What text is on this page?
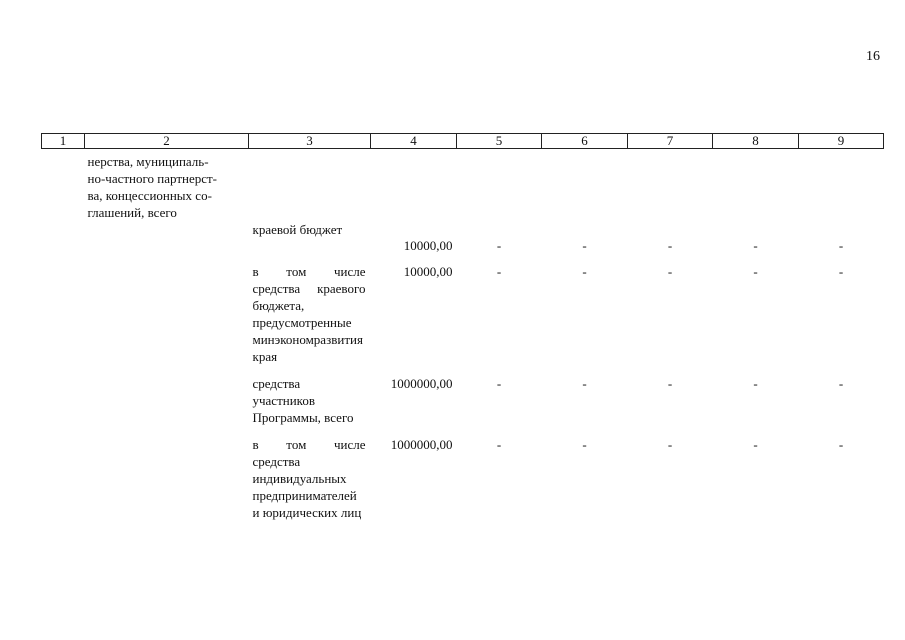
16
1	2	3	4	5	6	7	8	9

	нерства, муниципаль-
но-частного партнерст-
ва, концессионных со-
глашений, всего							

		краевой бюджет	10000,00	-	-	-	-	-
		в том числе средства краевого бюджета, предусмотренные минэкономразвития края	10000,00	-	-	-	-	-
		средства участников Программы, всего	1000000,00	-	-	-	-	-
		в том числе средства индивидуальных предпринимателей и юридических лиц	1000000,00	-	-	-	-	-
